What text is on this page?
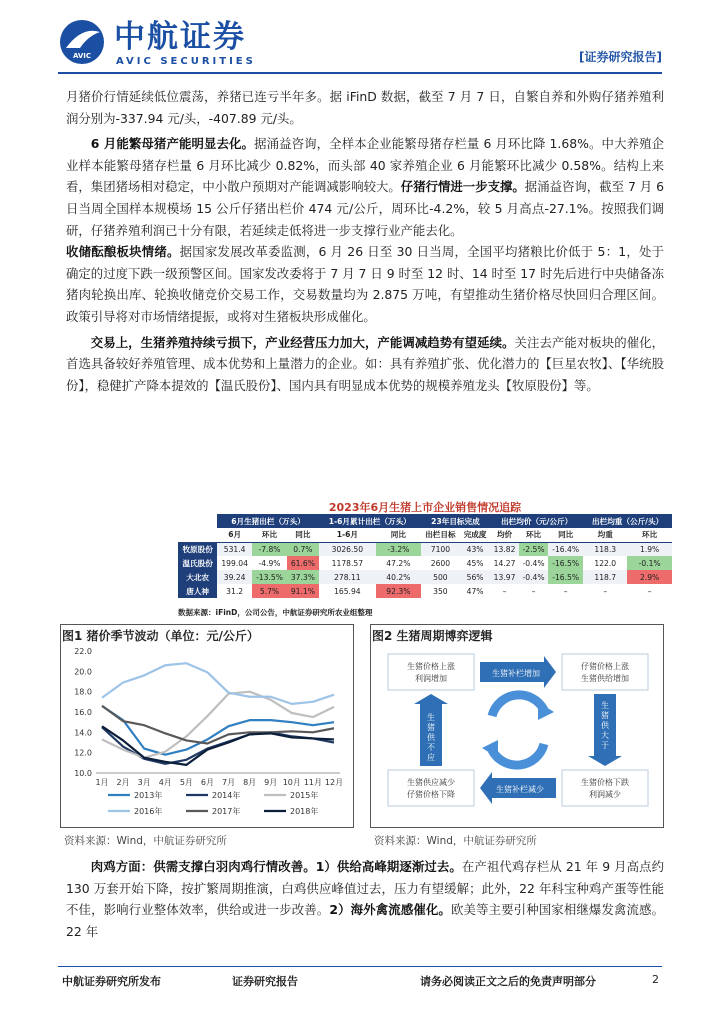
AVIC
中航证券
AVIC SECURITIES	[证券研究报告]

月猪价行情延续低位震荡，养猪已连亏半年多。据 iFinD 数据，截至 7 月 7 日，自繁自养和外购仔猪养殖利润分别为-337.94 元/头，-407.89 元/头。

6 月能繁母猪产能明显去化。据涌益咨询，全样本企业能繁母猪存栏量 6 月环比降 1.68%。中大养殖企业样本能繁母猪存栏量 6 月环比减少 0.82%，而头部 40 家养殖企业 6 月能繁环比减少 0.58%。结构上来看，集团猪场相对稳定，中小散户预期对产能调减影响较大。仔猪行情进一步支撑。据涌益咨询，截至 7 月 6 日当周全国样本规模场 15 公斤仔猪出栏价 474 元/公斤，周环比-4.2%，较 5 月高点-27.1%。按照我们调研，仔猪养殖利润已十分有限，若延续走低将进一步支撑行业产能去化。

收储酝酿板块情绪。据国家发展改革委监测，6 月 26 日至 30 日当周，全国平均猪粮比价低于 5：1，处于确定的过度下跌一级预警区间。国家发改委将于 7 月 7 日 9 时至 12 时、14 时至 17 时先后进行中央储备冻猪肉轮换出库、轮换收储竞价交易工作，交易数量均为 2.875 万吨，有望推动生猪价格尽快回归合理区间。政策引导将对市场情绪提振，或将对生猪板块形成催化。

交易上，生猪养殖持续亏损下，产业经营压力加大，产能调减趋势有望延续。关注去产能对板块的催化，首选具备较好养殖管理、成本优势和上量潜力的企业。如：具有养殖扩张、优化潜力的【巨星农牧】、【华统股份】，稳健扩产降本提效的【温氏股份】、国内具有明显成本优势的规模养殖龙头【牧原股份】等。

2023年6月生猪上市企业销售情况追踪
	6月生猪出栏（万头）			1-6月累计出栏（万头）		23年目标完成		出栏均价（元/公斤）			出栏均重（公斤/头）	
	6月	环比	同比	1-6月	同比	出栏目标	完成度	均价	环比	同比	均重	环比
牧原股份	531.4	-7.8%	0.7%	3026.50	-3.2%	7100	43%	13.82	-2.5%	-16.4%	118.3	1.9%
温氏股份	199.04	-4.9%	61.6%	1178.57	47.2%	2600	45%	14.27	-0.4%	-16.5%	122.0	-0.1%
大北农	39.24	-13.5%	37.3%	278.11	40.2%	500	56%	13.97	-0.4%	-16.5%	118.7	2.9%
唐人神	31.2	5.7%	91.1%	165.94	92.3%	350	47%	–	–	–	–	–
数据来源：iFinD，公司公告，中航证券研究所农业组整理
图1 猪价季节波动（单位：元/公斤）
10.0
12.0
14.0
16.0
18.0
20.0
22.0
1月 2月 3月 4月 5月 6月 7月 8月 9月 10月 11月 12月
2013年	2014年	2015年
2016年	2017年	2018年
资料来源：Wind，中航证券研究所
图2 生猪周期博弈逻辑
生猪价格上涨
利润增加
仔猪价格上涨
生猪供给增加
生猪供应减少
仔猪价格下降
生猪价格下跌
利润减少
生猪补栏增加
生猪补栏减少
生
猪
供
不
应
生
猪
供
大
于
资料来源：Wind，中航证券研究所

肉鸡方面：供需支撑白羽肉鸡行情改善。1）供给高峰期逐渐过去。在产祖代鸡存栏从 21 年 9 月高点约 130 万套开始下降，按扩繁周期推演，白鸡供应峰值过去，压力有望缓解；此外，22 年科宝种鸡产蛋等性能不佳，影响行业整体效率，供给或进一步改善。2）海外禽流感催化。欧美等主要引种国家相继爆发禽流感。22 年

中航证券研究所发布	证券研究报告	请务必阅读正文之后的免责声明部分	2
